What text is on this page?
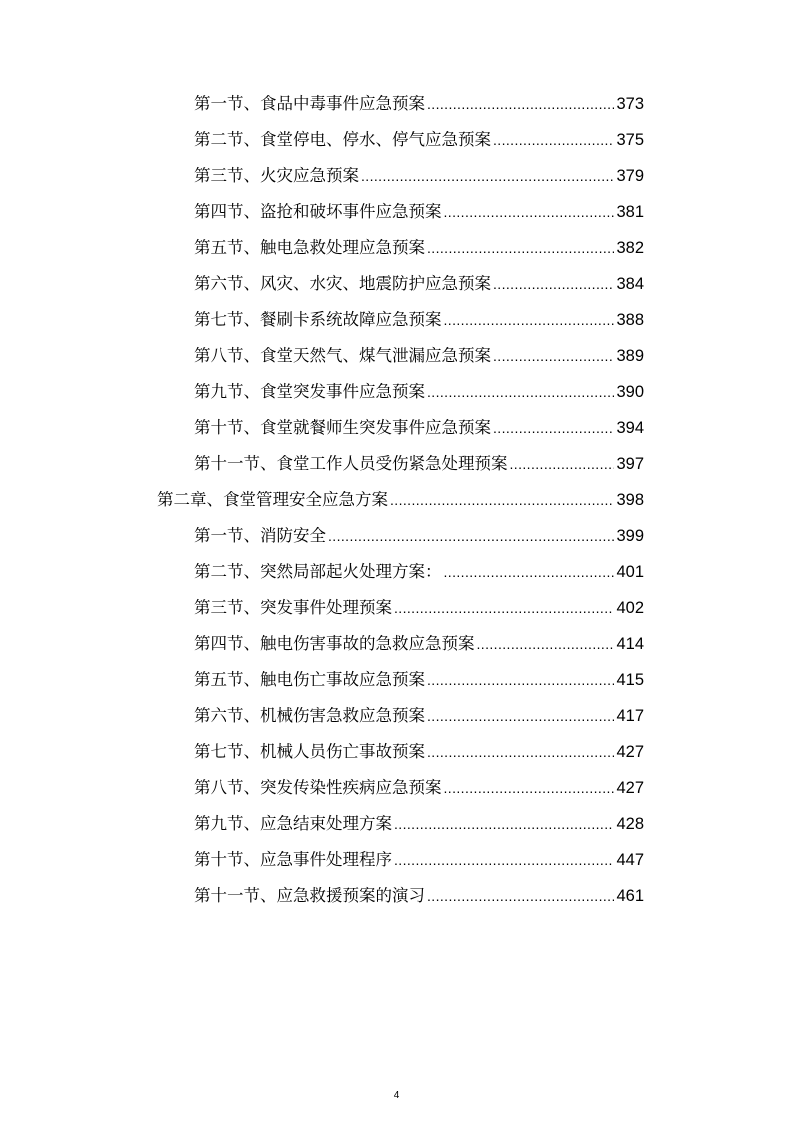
第一节、食品中毒事件应急预案 .....	373
第二节、食堂停电、停水、停气应急预案 .....	375
第三节、火灾应急预案 .....	379
第四节、盗抢和破坏事件应急预案 .....	381
第五节、触电急救处理应急预案 .....	382
第六节、风灾、水灾、地震防护应急预案 .....	384
第七节、餐刷卡系统故障应急预案 .....	388
第八节、食堂天然气、煤气泄漏应急预案 .....	389
第九节、食堂突发事件应急预案 .....	390
第十节、食堂就餐师生突发事件应急预案 .....	394
第十一节、食堂工作人员受伤紧急处理预案 .....	397
第二章、食堂管理安全应急方案 .....	398
第一节、消防安全 .....	399
第二节、突然局部起火处理方案： .....	401
第三节、突发事件处理预案 .....	402
第四节、触电伤害事故的急救应急预案 .....	414
第五节、触电伤亡事故应急预案 .....	415
第六节、机械伤害急救应急预案 .....	417
第七节、机械人员伤亡事故预案 .....	427
第八节、突发传染性疾病应急预案 .....	427
第九节、应急结束处理方案 .....	428
第十节、应急事件处理程序 .....	447
第十一节、应急救援预案的演习 .....	461
4
